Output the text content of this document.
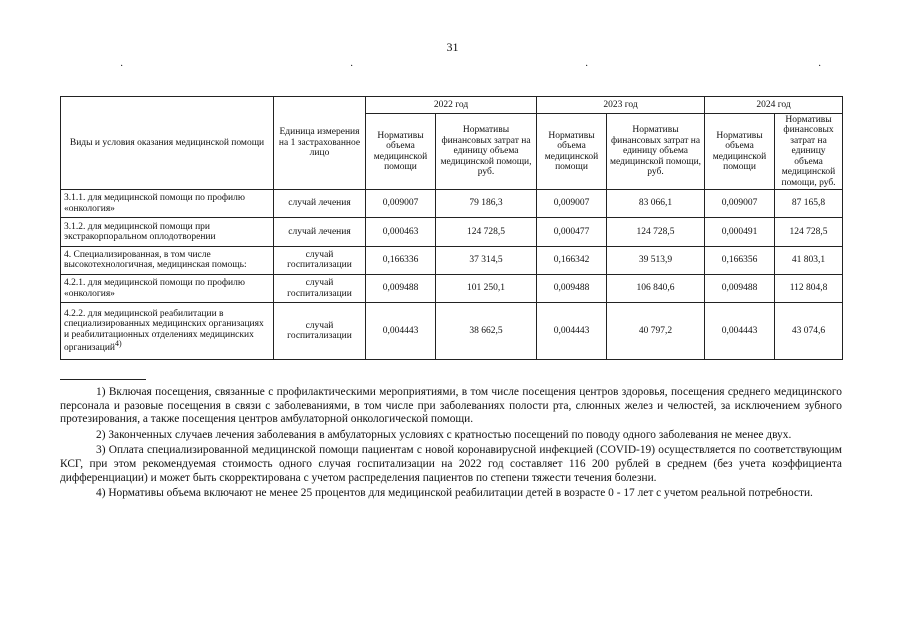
31
·	·	·	·
Виды и условия оказания медицинской помощи	Единица измерения на 1 застрахованное лицо	2022 год		2023 год		2024 год	
		Нормативы объема медицинской помощи	Нормативы финансовых затрат на единицу объема медицинской помощи, руб.	Нормативы объема медицинской помощи	Нормативы финансовых затрат на единицу объема медицинской помощи, руб.	Нормативы объема медицинской помощи	Нормативы финансовых затрат на единицу объема медицинской помощи, руб.
3.1.1. для медицинской помощи по профилю «онкология»	случай лечения	0,009007	79 186,3	0,009007	83 066,1	0,009007	87 165,8
3.1.2. для медицинской помощи при экстракорпоральном оплодотворении	случай лечения	0,000463	124 728,5	0,000477	124 728,5	0,000491	124 728,5
4. Специализированная, в том числе высокотехнологичная, медицинская помощь:	случай госпитализации	0,166336	37 314,5	0,166342	39 513,9	0,166356	41 803,1
4.2.1. для медицинской помощи по профилю «онкология»	случай госпитализации	0,009488	101 250,1	0,009488	106 840,6	0,009488	112 804,8
4.2.2. для медицинской реабилитации в специализированных медицинских организациях и реабилитационных отделениях медицинских организаций$^{4)}$	случай госпитализации	0,004443	38 662,5	0,004443	40 797,2	0,004443	43 074,6

1) Включая посещения, связанные с профилактическими мероприятиями, в том числе посещения центров здоровья, посещения среднего медицинского персонала и разовые посещения в связи с заболеваниями, в том числе при заболеваниях полости рта, слюнных желез и челюстей, за исключением зубного протезирования, а также посещения центров амбулаторной онкологической помощи.

2) Законченных случаев лечения заболевания в амбулаторных условиях с кратностью посещений по поводу одного заболевания не менее двух.

3) Оплата специализированной медицинской помощи пациентам с новой коронавирусной инфекцией (COVID-19) осуществляется по соответствующим КСГ, при этом рекомендуемая стоимость одного случая госпитализации на 2022 год составляет 116 200 рублей в среднем (без учета коэффициента дифференциации) и может быть скорректирована с учетом распределения пациентов по степени тяжести течения болезни.

4) Нормативы объема включают не менее 25 процентов для медицинской реабилитации детей в возрасте 0 - 17 лет с учетом реальной потребности.
